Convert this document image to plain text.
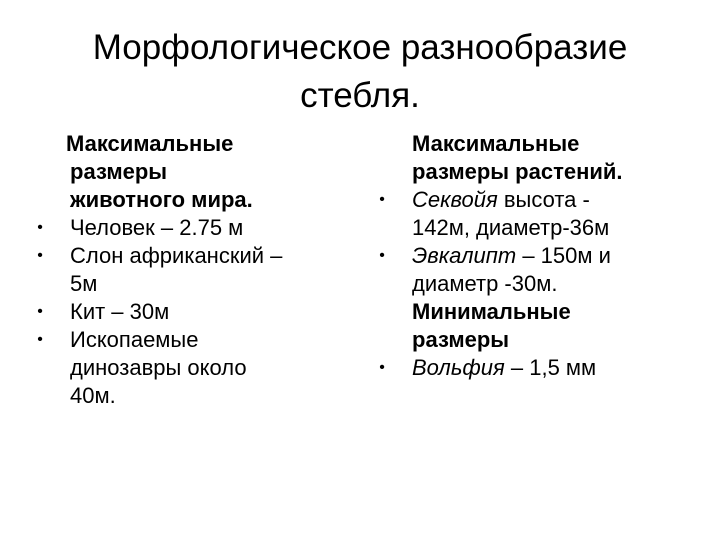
Морфологическое разнообразие
стебля.
Максимальные
размеры
животного мира.
•	Человек – 2.75 м
•	Слон африканский –
5м
•	Кит – 30м
•	Ископаемые
динозавры около
40м.
Максимальные
размеры растений.
•	Секвойя высота -
142м, диаметр-36м
•	Эвкалипт – 150м и
диаметр -30м.
Минимальные
размеры
•	Вольфия – 1,5 мм
